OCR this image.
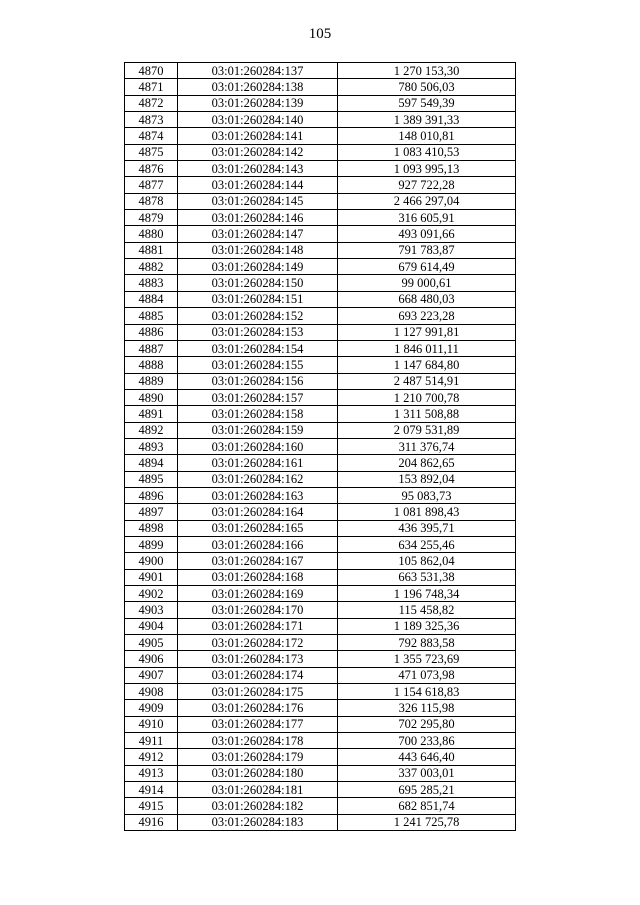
105
4870	03:01:260284:137	1 270 153,30
4871	03:01:260284:138	780 506,03
4872	03:01:260284:139	597 549,39
4873	03:01:260284:140	1 389 391,33
4874	03:01:260284:141	148 010,81
4875	03:01:260284:142	1 083 410,53
4876	03:01:260284:143	1 093 995,13
4877	03:01:260284:144	927 722,28
4878	03:01:260284:145	2 466 297,04
4879	03:01:260284:146	316 605,91
4880	03:01:260284:147	493 091,66
4881	03:01:260284:148	791 783,87
4882	03:01:260284:149	679 614,49
4883	03:01:260284:150	99 000,61
4884	03:01:260284:151	668 480,03
4885	03:01:260284:152	693 223,28
4886	03:01:260284:153	1 127 991,81
4887	03:01:260284:154	1 846 011,11
4888	03:01:260284:155	1 147 684,80
4889	03:01:260284:156	2 487 514,91
4890	03:01:260284:157	1 210 700,78
4891	03:01:260284:158	1 311 508,88
4892	03:01:260284:159	2 079 531,89
4893	03:01:260284:160	311 376,74
4894	03:01:260284:161	204 862,65
4895	03:01:260284:162	153 892,04
4896	03:01:260284:163	95 083,73
4897	03:01:260284:164	1 081 898,43
4898	03:01:260284:165	436 395,71
4899	03:01:260284:166	634 255,46
4900	03:01:260284:167	105 862,04
4901	03:01:260284:168	663 531,38
4902	03:01:260284:169	1 196 748,34
4903	03:01:260284:170	115 458,82
4904	03:01:260284:171	1 189 325,36
4905	03:01:260284:172	792 883,58
4906	03:01:260284:173	1 355 723,69
4907	03:01:260284:174	471 073,98
4908	03:01:260284:175	1 154 618,83
4909	03:01:260284:176	326 115,98
4910	03:01:260284:177	702 295,80
4911	03:01:260284:178	700 233,86
4912	03:01:260284:179	443 646,40
4913	03:01:260284:180	337 003,01
4914	03:01:260284:181	695 285,21
4915	03:01:260284:182	682 851,74
4916	03:01:260284:183	1 241 725,78
